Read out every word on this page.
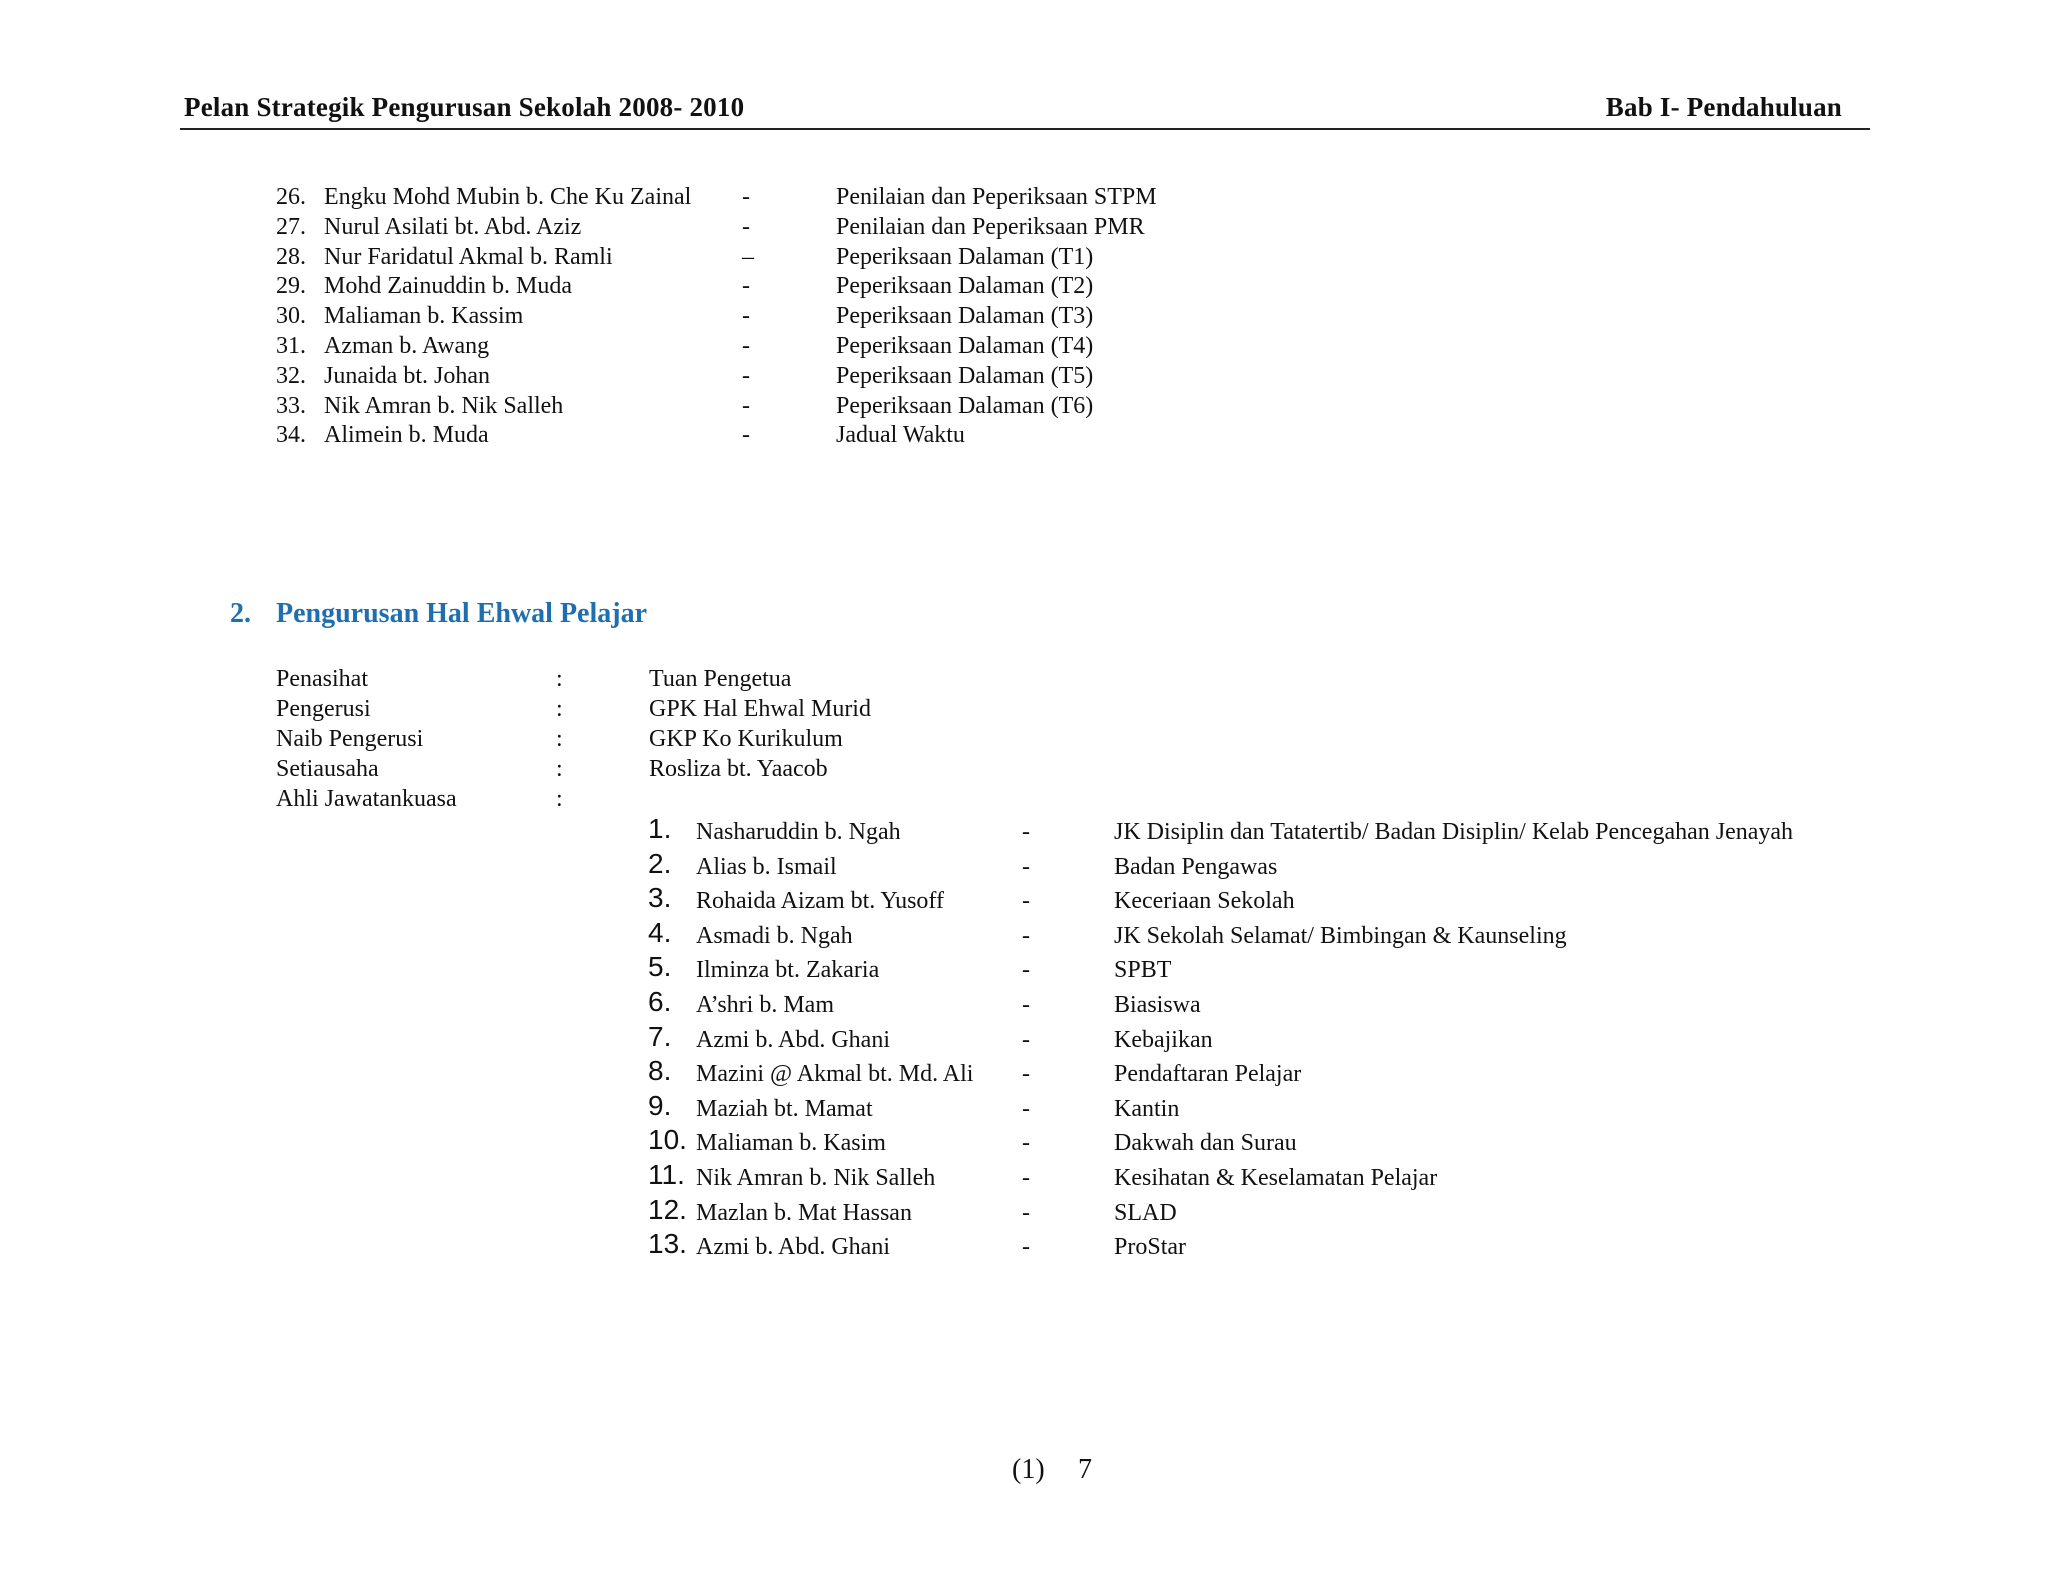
Pelan Strategik Pengurusan Sekolah 2008- 2010	Bab I- Pendahuluan
26. Engku Mohd Mubin b. Che Ku Zainal -	Penilaian dan Peperiksaan STPM
27. Nurul Asilati bt. Abd. Aziz	-	Penilaian dan Peperiksaan PMR
28. Nur Faridatul Akmal b. Ramli	–	Peperiksaan Dalaman (T1)
29. Mohd Zainuddin b. Muda	-	Peperiksaan Dalaman (T2)
30. Maliaman b. Kassim	-	Peperiksaan Dalaman (T3)
31. Azman b. Awang	-	Peperiksaan Dalaman (T4)
32. Junaida bt. Johan	-	Peperiksaan Dalaman (T5)
33. Nik Amran b. Nik Salleh	-	Peperiksaan Dalaman (T6)
34. Alimein b. Muda	-	Jadual Waktu
2. Pengurusan Hal Ehwal Pelajar
Penasihat	:	Tuan Pengetua
Pengerusi	:	GPK Hal Ehwal Murid
Naib Pengerusi	:	GKP Ko Kurikulum
Setiausaha	:	Rosliza bt. Yaacob
Ahli Jawatankuasa	:
1. Nasharuddin b. Ngah	-	JK Disiplin dan Tatatertib/ Badan Disiplin/ Kelab Pencegahan Jenayah
2. Alias b. Ismail	-	Badan Pengawas
3. Rohaida Aizam bt. Yusoff	-	Keceriaan Sekolah
4. Asmadi b. Ngah	-	JK Sekolah Selamat/ Bimbingan & Kaunseling
5. Ilminza bt. Zakaria	-	SPBT
6. A’shri b. Mam	-	Biasiswa
7. Azmi b. Abd. Ghani	-	Kebajikan
8. Mazini @ Akmal bt. Md. Ali -	Pendaftaran Pelajar
9. Maziah bt. Mamat	-	Kantin
10. Maliaman b. Kasim	-	Dakwah dan Surau
11. Nik Amran b. Nik Salleh	-	Kesihatan & Keselamatan Pelajar
12. Mazlan b. Mat Hassan	-	SLAD
13. Azmi b. Abd. Ghani	-	ProStar
(1) 7
